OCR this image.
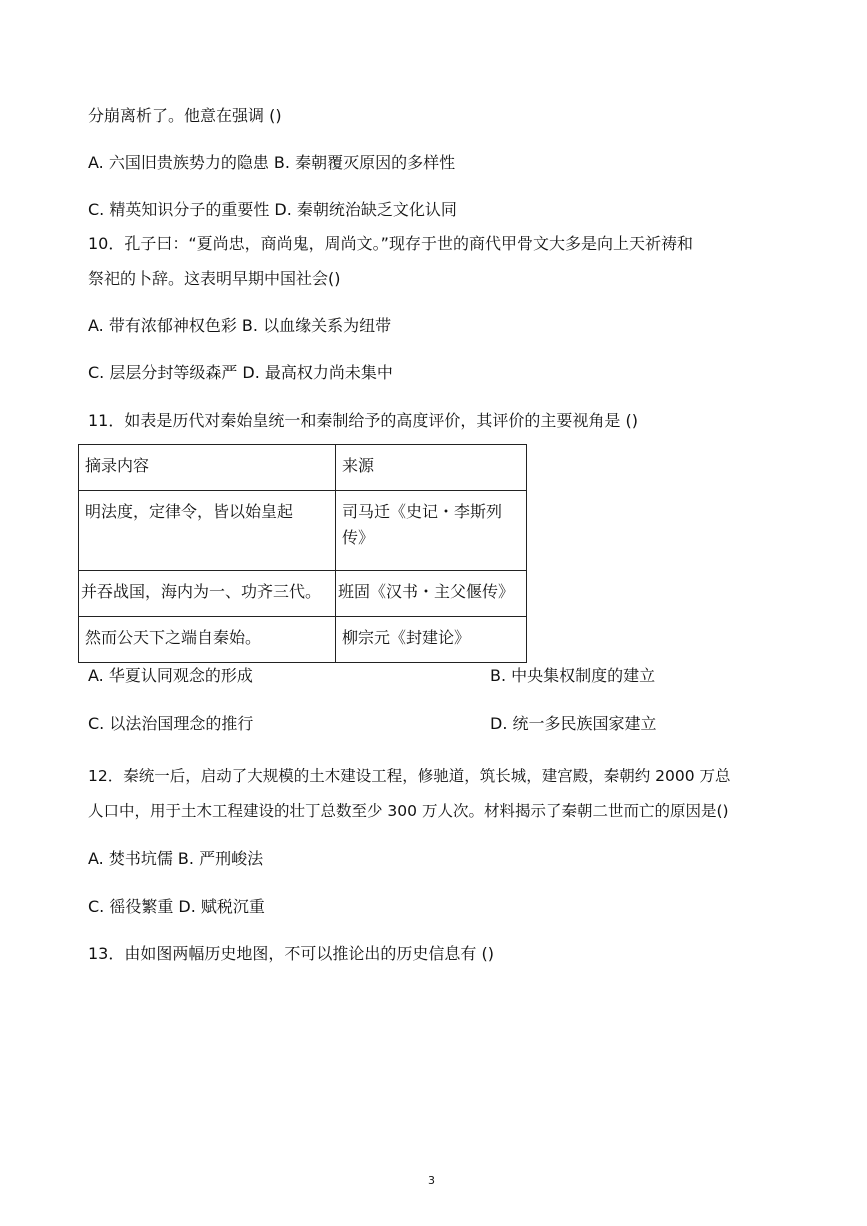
分崩离析了。他意在强调 ()
A. 六国旧贵族势力的隐患 B. 秦朝覆灭原因的多样性
C. 精英知识分子的重要性 D. 秦朝统治缺乏文化认同
10．孔子曰：“夏尚忠，商尚鬼，周尚文。”现存于世的商代甲骨文大多是向上天祈祷和
祭祀的卜辞。这表明早期中国社会()
A. 带有浓郁神权色彩 B. 以血缘关系为纽带
C. 层层分封等级森严 D. 最高权力尚未集中
11．如表是历代对秦始皇统一和秦制给予的高度评价，其评价的主要视角是 ()
摘录内容	来源
明法度，定律令，皆以始皇起	司马迁《史记・李斯列传》
并吞战国，海内为一、功齐三代。	班固《汉书・主父偃传》
然而公天下之端自秦始。	柳宗元《封建论》
A. 华夏认同观念的形成	B. 中央集权制度的建立
C. 以法治国理念的推行	D. 统一多民族国家建立
12．秦统一后，启动了大规模的土木建设工程，修驰道，筑长城，建宫殿，秦朝约 2000 万总
人口中，用于土木工程建设的壮丁总数至少 300 万人次。材料揭示了秦朝二世而亡的原因是()
A. 焚书坑儒 B. 严刑峻法
C. 徭役繁重 D. 赋税沉重
13．由如图两幅历史地图，不可以推论出的历史信息有 ()
3
